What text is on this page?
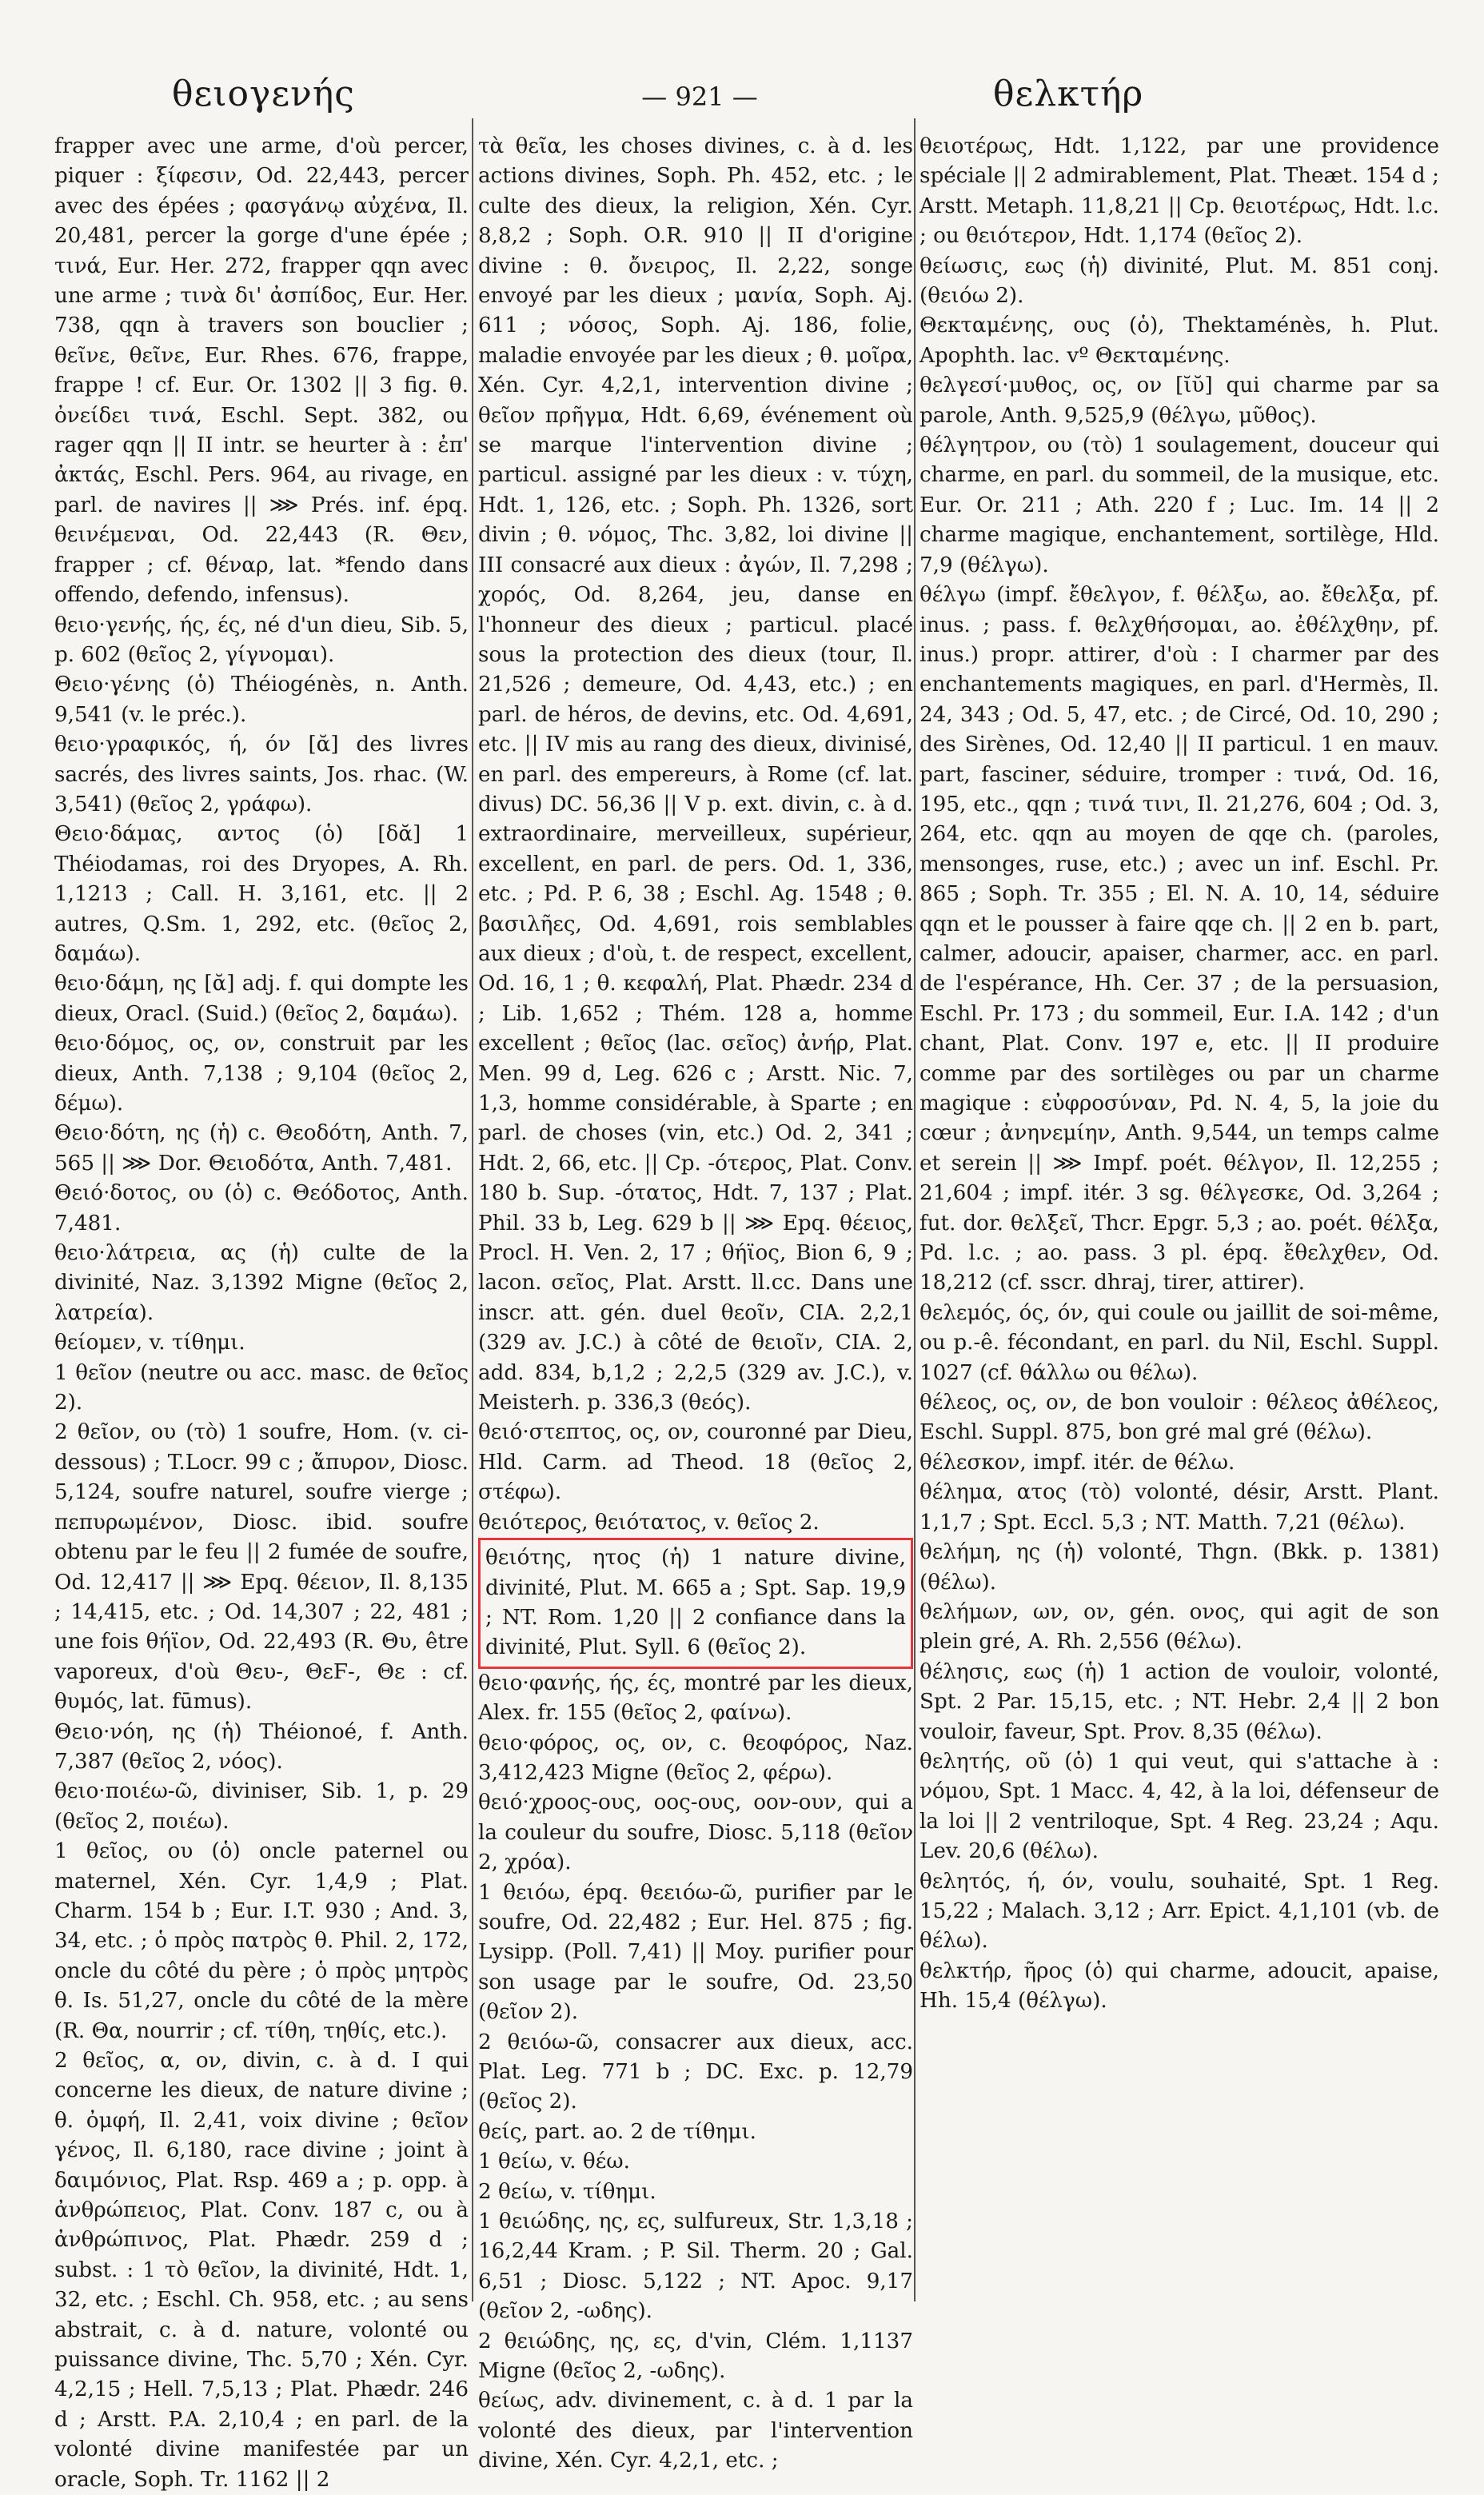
θειογενής	— 921 —	θελκτήρ

frapper avec une arme, d'où percer, piquer : ξίφεσιν, Od. 22,443, percer avec des épées ; φασγάνῳ αὐχένα, Il. 20,481, percer la gorge d'une épée ; τινά, Eur. Her. 272, frapper qqn avec une arme ; τινὰ δι' ἀσπίδος, Eur. Her. 738, qqn à travers son bouclier ; θεῖνε, θεῖνε, Eur. Rhes. 676, frappe, frappe ! cf. Eur. Or. 1302 || 3 fig. θ. ὀνείδει τινά, Eschl. Sept. 382, ou rager qqn || II intr. se heurter à : ἐπ' ἀκτάς, Eschl. Pers. 964, au rivage, en parl. de navires || ⋙ Prés. inf. épq. θεινέμεναι, Od. 22,443 (R. Θεν, frapper ; cf. θέναρ, lat. *fendo dans offendo, defendo, infensus).

θειο·γενής, ής, ές, né d'un dieu, Sib. 5, p. 602 (θεῖος 2, γίγνομαι).

Θειο·γένης (ὁ) Théiogénès, n. Anth. 9,541 (v. le préc.).

θειο·γραφικός, ή, όν [ᾰ] des livres sacrés, des livres saints, Jos. rhac. (W. 3,541) (θεῖος 2, γράφω).

Θειο·δάμας, αντος (ὁ) [δᾰ] 1 Théiodamas, roi des Dryopes, A. Rh. 1,1213 ; Call. H. 3,161, etc. || 2 autres, Q.Sm. 1, 292, etc. (θεῖος 2, δαμάω).

θειο·δάμη, ης [ᾰ] adj. f. qui dompte les dieux, Oracl. (Suid.) (θεῖος 2, δαμάω).

θειο·δόμος, ος, ον, construit par les dieux, Anth. 7,138 ; 9,104 (θεῖος 2, δέμω).

Θειο·δότη, ης (ἡ) c. Θεοδότη, Anth. 7, 565 || ⋙ Dor. Θειοδότα, Anth. 7,481.

Θειό·δοτος, ου (ὁ) c. Θεόδοτος, Anth. 7,481.

θειο·λάτρεια, ας (ἡ) culte de la divinité, Naz. 3,1392 Migne (θεῖος 2, λατρεία).

θείομεν, v. τίθημι.

1 θεῖον (neutre ou acc. masc. de θεῖος 2).

2 θεῖον, ου (τὸ) 1 soufre, Hom. (v. ci-dessous) ; T.Locr. 99 c ; ἄπυρον, Diosc. 5,124, soufre naturel, soufre vierge ; πεπυρωμένον, Diosc. ibid. soufre obtenu par le feu || 2 fumée de soufre, Od. 12,417 || ⋙ Epq. θέειον, Il. 8,135 ; 14,415, etc. ; Od. 14,307 ; 22, 481 ; une fois θήϊον, Od. 22,493 (R. Θυ, être vaporeux, d'où Θευ-, ΘεϜ-, Θε : cf. θυμός, lat. fūmus).

Θειο·νόη, ης (ἡ) Théionoé, f. Anth. 7,387 (θεῖος 2, νόος).

θειο·ποιέω-ῶ, diviniser, Sib. 1, p. 29 (θεῖος 2, ποιέω).

1 θεῖος, ου (ὁ) oncle paternel ou maternel, Xén. Cyr. 1,4,9 ; Plat. Charm. 154 b ; Eur. I.T. 930 ; And. 3, 34, etc. ; ὁ πρὸς πατρὸς θ. Phil. 2, 172, oncle du côté du père ; ὁ πρὸς μητρὸς θ. Is. 51,27, oncle du côté de la mère (R. Θα, nourrir ; cf. τίθη, τηθίς, etc.).

2 θεῖος, α, ον, divin, c. à d. I qui concerne les dieux, de nature divine ; θ. ὀμφή, Il. 2,41, voix divine ; θεῖον γένος, Il. 6,180, race divine ; joint à δαιμόνιος, Plat. Rsp. 469 a ; p. opp. à ἀνθρώπειος, Plat. Conv. 187 c, ou à ἀνθρώπινος, Plat. Phædr. 259 d ; subst. : 1 τὸ θεῖον, la divinité, Hdt. 1, 32, etc. ; Eschl. Ch. 958, etc. ; au sens abstrait, c. à d. nature, volonté ou puissance divine, Thc. 5,70 ; Xén. Cyr. 4,2,15 ; Hell. 7,5,13 ; Plat. Phædr. 246 d ; Arstt. P.A. 2,10,4 ; en parl. de la volonté divine manifestée par un oracle, Soph. Tr. 1162 || 2

τὰ θεῖα, les choses divines, c. à d. les actions divines, Soph. Ph. 452, etc. ; le culte des dieux, la religion, Xén. Cyr. 8,8,2 ; Soph. O.R. 910 || II d'origine divine : θ. ὄνειρος, Il. 2,22, songe envoyé par les dieux ; μανία, Soph. Aj. 611 ; νόσος, Soph. Aj. 186, folie, maladie envoyée par les dieux ; θ. μοῖρα, Xén. Cyr. 4,2,1, intervention divine ; θεῖον πρῆγμα, Hdt. 6,69, événement où se marque l'intervention divine ; particul. assigné par les dieux : v. τύχη, Hdt. 1, 126, etc. ; Soph. Ph. 1326, sort divin ; θ. νόμος, Thc. 3,82, loi divine || III consacré aux dieux : ἀγών, Il. 7,298 ; χορός, Od. 8,264, jeu, danse en l'honneur des dieux ; particul. placé sous la protection des dieux (tour, Il. 21,526 ; demeure, Od. 4,43, etc.) ; en parl. de héros, de devins, etc. Od. 4,691, etc. || IV mis au rang des dieux, divinisé, en parl. des empereurs, à Rome (cf. lat. divus) DC. 56,36 || V p. ext. divin, c. à d. extraordinaire, merveilleux, supérieur, excellent, en parl. de pers. Od. 1, 336, etc. ; Pd. P. 6, 38 ; Eschl. Ag. 1548 ; θ. βασιλῆες, Od. 4,691, rois semblables aux dieux ; d'où, t. de respect, excellent, Od. 16, 1 ; θ. κεφαλή, Plat. Phædr. 234 d ; Lib. 1,652 ; Thém. 128 a, homme excellent ; θεῖος (lac. σεῖος) ἀνήρ, Plat. Men. 99 d, Leg. 626 c ; Arstt. Nic. 7, 1,3, homme considérable, à Sparte ; en parl. de choses (vin, etc.) Od. 2, 341 ; Hdt. 2, 66, etc. || Cp. -ότερος, Plat. Conv. 180 b. Sup. -ότατος, Hdt. 7, 137 ; Plat. Phil. 33 b, Leg. 629 b || ⋙ Epq. θέειος, Procl. H. Ven. 2, 17 ; θήϊος, Bion 6, 9 ; lacon. σεῖος, Plat. Arstt. ll.cc. Dans une inscr. att. gén. duel θεοῖν, CIA. 2,2,1 (329 av. J.C.) à côté de θειοῖν, CIA. 2, add. 834, b,1,2 ; 2,2,5 (329 av. J.C.), v. Meisterh. p. 336,3 (θεός).

θειό·στεπτος, ος, ον, couronné par Dieu, Hld. Carm. ad Theod. 18 (θεῖος 2, στέφω).

θειότερος, θειότατος, v. θεῖος 2.

θειότης, ητος (ἡ) 1 nature divine, divinité, Plut. M. 665 a ; Spt. Sap. 19,9 ; NT. Rom. 1,20 || 2 confiance dans la divinité, Plut. Syll. 6 (θεῖος 2).

θειο·φανής, ής, ές, montré par les dieux, Alex. fr. 155 (θεῖος 2, φαίνω).

θειο·φόρος, ος, ον, c. θεοφόρος, Naz. 3,412,423 Migne (θεῖος 2, φέρω).

θειό·χροος-ους, οος-ους, οον-ουν, qui a la couleur du soufre, Diosc. 5,118 (θεῖον 2, χρόα).

1 θειόω, épq. θεειόω-ῶ, purifier par le soufre, Od. 22,482 ; Eur. Hel. 875 ; fig. Lysipp. (Poll. 7,41) || Moy. purifier pour son usage par le soufre, Od. 23,50 (θεῖον 2).

2 θειόω-ῶ, consacrer aux dieux, acc. Plat. Leg. 771 b ; DC. Exc. p. 12,79 (θεῖος 2).

θείς, part. ao. 2 de τίθημι.

1 θείω, v. θέω.

2 θείω, v. τίθημι.

1 θειώδης, ης, ες, sulfureux, Str. 1,3,18 ; 16,2,44 Kram. ; P. Sil. Therm. 20 ; Gal. 6,51 ; Diosc. 5,122 ; NT. Apoc. 9,17 (θεῖον 2, -ωδης).

2 θειώδης, ης, ες, d'vin, Clém. 1,1137 Migne (θεῖος 2, -ωδης).

θείως, adv. divinement, c. à d. 1 par la volonté des dieux, par l'intervention divine, Xén. Cyr. 4,2,1, etc. ;

θειοτέρως, Hdt. 1,122, par une providence spéciale || 2 admirablement, Plat. Theæt. 154 d ; Arstt. Metaph. 11,8,21 || Cp. θειοτέρως, Hdt. l.c. ; ou θειότερον, Hdt. 1,174 (θεῖος 2).

θείωσις, εως (ἡ) divinité, Plut. M. 851 conj. (θειόω 2).

Θεκταμένης, ους (ὁ), Thektaménès, h. Plut. Apophth. lac. vº Θεκταμένης.

θελγεσί·μυθος, ος, ον [ῐῠ] qui charme par sa parole, Anth. 9,525,9 (θέλγω, μῦθος).

θέλγητρον, ου (τὸ) 1 soulagement, douceur qui charme, en parl. du sommeil, de la musique, etc. Eur. Or. 211 ; Ath. 220 f ; Luc. Im. 14 || 2 charme magique, enchantement, sortilège, Hld. 7,9 (θέλγω).

θέλγω (impf. ἔθελγον, f. θέλξω, ao. ἔθελξα, pf. inus. ; pass. f. θελχθήσομαι, ao. ἐθέλχθην, pf. inus.) propr. attirer, d'où : I charmer par des enchantements magiques, en parl. d'Hermès, Il. 24, 343 ; Od. 5, 47, etc. ; de Circé, Od. 10, 290 ; des Sirènes, Od. 12,40 || II particul. 1 en mauv. part, fasciner, séduire, tromper : τινά, Od. 16, 195, etc., qqn ; τινά τινι, Il. 21,276, 604 ; Od. 3, 264, etc. qqn au moyen de qqe ch. (paroles, mensonges, ruse, etc.) ; avec un inf. Eschl. Pr. 865 ; Soph. Tr. 355 ; El. N. A. 10, 14, séduire qqn et le pousser à faire qqe ch. || 2 en b. part, calmer, adoucir, apaiser, charmer, acc. en parl. de l'espérance, Hh. Cer. 37 ; de la persuasion, Eschl. Pr. 173 ; du sommeil, Eur. I.A. 142 ; d'un chant, Plat. Conv. 197 e, etc. || II produire comme par des sortilèges ou par un charme magique : εὐφροσύναν, Pd. N. 4, 5, la joie du cœur ; ἀνηνεμίην, Anth. 9,544, un temps calme et serein || ⋙ Impf. poét. θέλγον, Il. 12,255 ; 21,604 ; impf. itér. 3 sg. θέλγεσκε, Od. 3,264 ; fut. dor. θελξεῖ, Thcr. Epgr. 5,3 ; ao. poét. θέλξα, Pd. l.c. ; ao. pass. 3 pl. épq. ἔθελχθεν, Od. 18,212 (cf. sscr. dhraj, tirer, attirer).

θελεμός, ός, όν, qui coule ou jaillit de soi-même, ou p.-ê. fécondant, en parl. du Nil, Eschl. Suppl. 1027 (cf. θάλλω ou θέλω).

θέλεος, ος, ον, de bon vouloir : θέλεος ἀθέλεος, Eschl. Suppl. 875, bon gré mal gré (θέλω).

θέλεσκον, impf. itér. de θέλω.

θέλημα, ατος (τὸ) volonté, désir, Arstt. Plant. 1,1,7 ; Spt. Eccl. 5,3 ; NT. Matth. 7,21 (θέλω).

θελήμη, ης (ἡ) volonté, Thgn. (Bkk. p. 1381) (θέλω).

θελήμων, ων, ον, gén. ονος, qui agit de son plein gré, A. Rh. 2,556 (θέλω).

θέλησις, εως (ἡ) 1 action de vouloir, volonté, Spt. 2 Par. 15,15, etc. ; NT. Hebr. 2,4 || 2 bon vouloir, faveur, Spt. Prov. 8,35 (θέλω).

θελητής, οῦ (ὁ) 1 qui veut, qui s'attache à : νόμου, Spt. 1 Macc. 4, 42, à la loi, défenseur de la loi || 2 ventriloque, Spt. 4 Reg. 23,24 ; Aqu. Lev. 20,6 (θέλω).

θελητός, ή, όν, voulu, souhaité, Spt. 1 Reg. 15,22 ; Malach. 3,12 ; Arr. Epict. 4,1,101 (vb. de θέλω).

θελκτήρ, ῆρος (ὁ) qui charme, adoucit, apaise, Hh. 15,4 (θέλγω).
